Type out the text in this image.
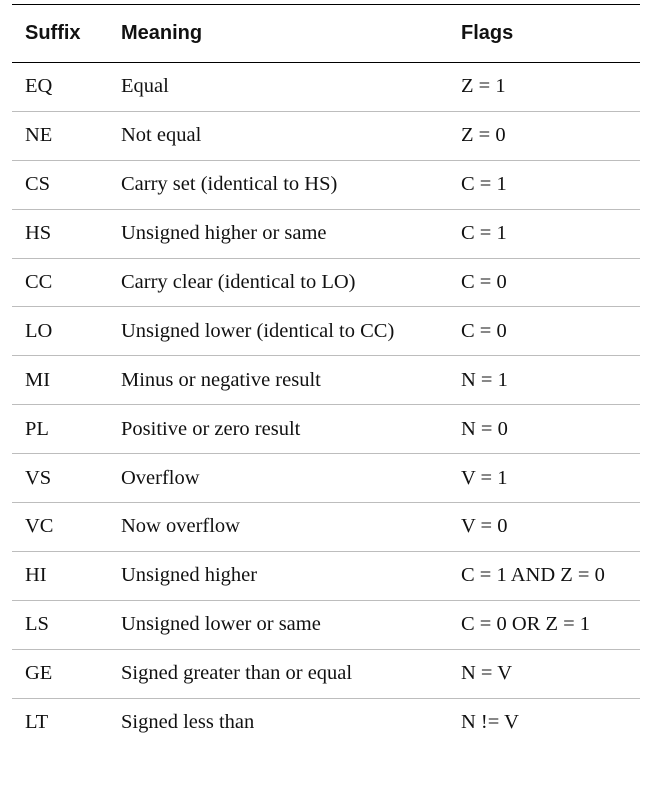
Suffix	Meaning	Flags
EQ	Equal	Z = 1
NE	Not equal	Z = 0
CS	Carry set (identical to HS)	C = 1
HS	Unsigned higher or same	C = 1
CC	Carry clear (identical to LO)	C = 0
LO	Unsigned lower (identical to CC)	C = 0
MI	Minus or negative result	N = 1
PL	Positive or zero result	N = 0
VS	Overflow	V = 1
VC	Now overflow	V = 0
HI	Unsigned higher	C = 1 AND Z = 0
LS	Unsigned lower or same	C = 0 OR Z = 1
GE	Signed greater than or equal	N = V
LT	Signed less than	N != V
